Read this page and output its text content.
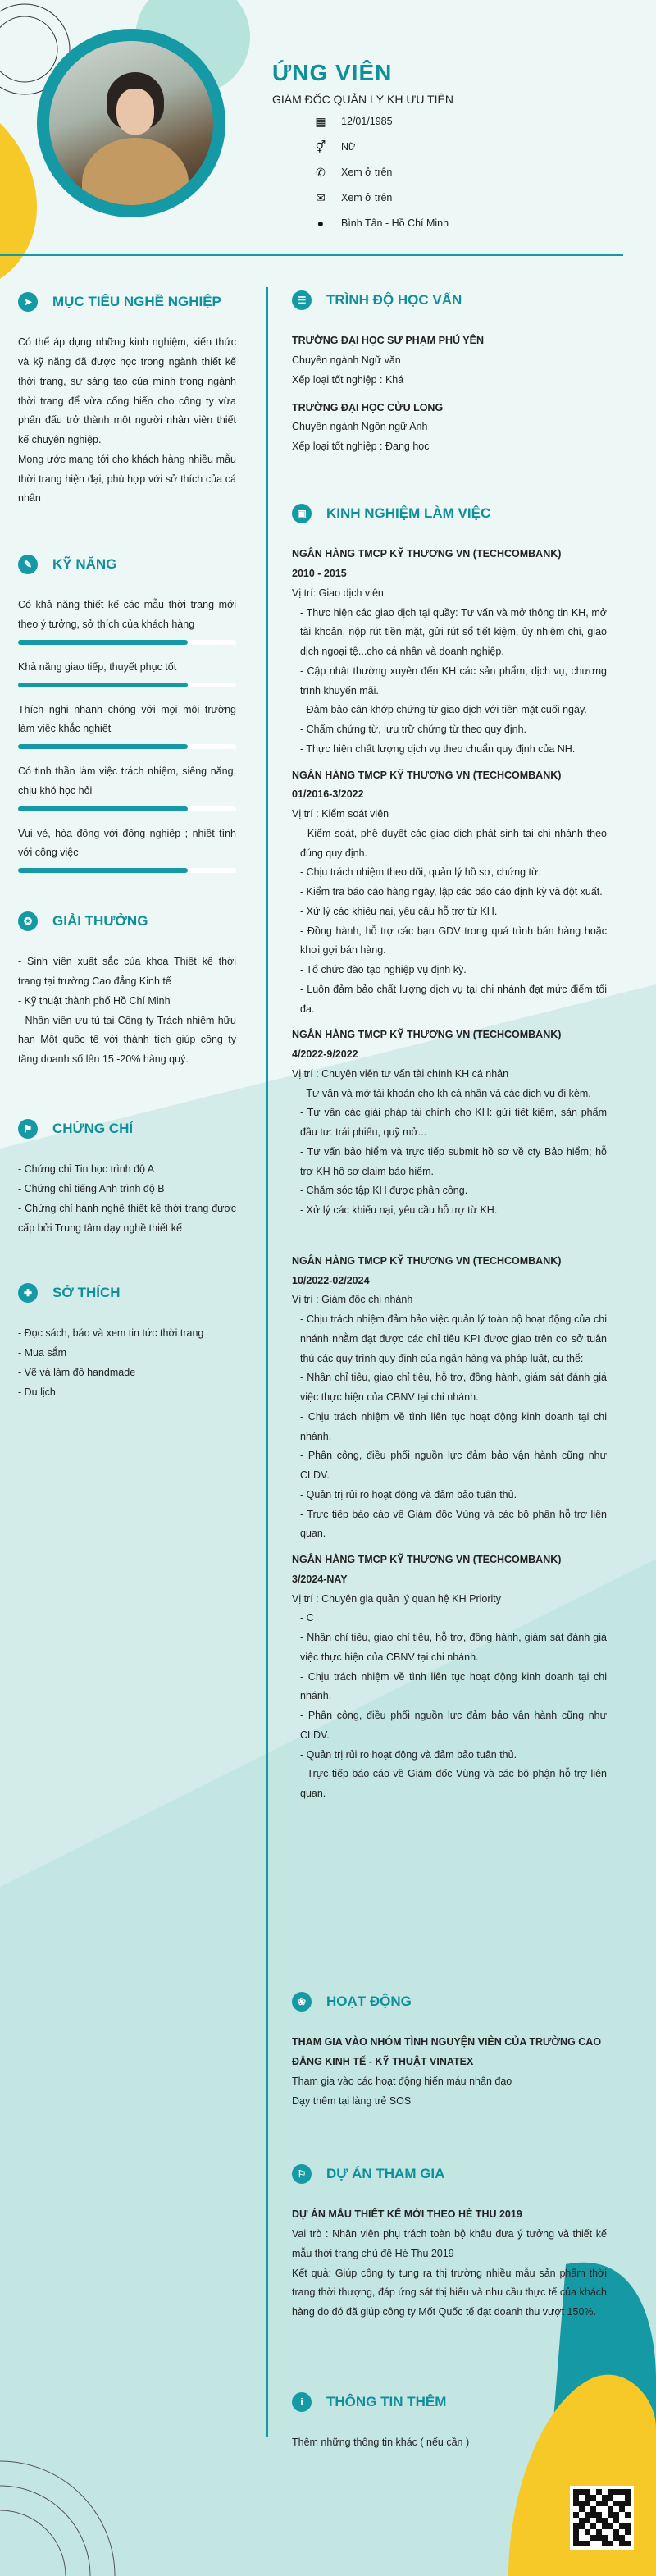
ỨNG VIÊN
GIÁM ĐỐC QUẢN LÝ KH ƯU TIÊN
▦	12/01/1985
⚥	Nữ
✆	Xem ở trên
✉	Xem ở trên
●	Bình Tân - Hồ Chí Minh
➤	MỤC TIÊU NGHỀ NGHIỆP
Có thể áp dụng những kinh nghiệm, kiến thức và kỹ năng đã được học trong ngành thiết kế thời trang, sự sáng tạo của mình trong ngành thời trang để vừa cống hiến cho công ty vừa phấn đấu trở thành một người nhân viên thiết kế chuyên nghiệp.
Mong ước mang tới cho khách hàng nhiều mẫu thời trang hiện đại, phù hợp với sở thích của cá nhân
✎	KỸ NĂNG
Có khả năng thiết kế các mẫu thời trang mới theo ý tưởng, sở thích của khách hàng
Khả năng giao tiếp, thuyết phục tốt
Thích nghi nhanh chóng với mọi môi trường làm việc khắc nghiệt
Có tinh thần làm việc trách nhiệm, siêng năng, chịu khó học hỏi
Vui vẻ, hòa đồng với đồng nghiệp ; nhiệt tình với công việc
✪	GIẢI THƯỞNG
- Sinh viên xuất sắc của khoa Thiết kế thời trang tại trường Cao đẳng Kinh tế
- Kỹ thuật thành phố Hồ Chí Minh
- Nhân viên ưu tú tại Công ty Trách nhiệm hữu hạn Một quốc tế với thành tích giúp công ty tăng doanh số lên 15 -20% hàng quý.
⚑	CHỨNG CHỈ
- Chứng chỉ Tin học trình độ A
- Chứng chỉ tiếng Anh trình độ B
- Chứng chỉ hành nghề thiết kế thời trang được cấp bởi Trung tâm dạy nghề thiết kế
✚	SỞ THÍCH
- Đọc sách, báo và xem tin tức thời trang
- Mua sắm
- Vẽ và làm đồ handmade
- Du lịch
☰	TRÌNH ĐỘ HỌC VẤN
TRƯỜNG ĐẠI HỌC SƯ PHẠM PHÚ YÊN
Chuyên ngành Ngữ văn
Xếp loại tốt nghiệp : Khá
TRƯỜNG ĐẠI HỌC CỬU LONG
Chuyên ngành Ngôn ngữ Anh
Xếp loại tốt nghiệp : Đang học
▣	KINH NGHIỆM LÀM VIỆC
NGÂN HÀNG TMCP KỸ THƯƠNG VN (TECHCOMBANK)
2010 - 2015
Vị trí: Giao dịch viên
- Thực hiện các giao dịch tại quầy: Tư vấn và mở thông tin KH, mở tài khoản, nộp rút tiền mặt, gửi rút sổ tiết kiệm, ủy nhiệm chi, giao dịch ngoại tệ...cho cá nhân và doanh nghiệp.
- Cập nhật thường xuyên đến KH các sản phẩm, dịch vụ, chương trình khuyến mãi.
- Đảm bảo cân khớp chứng từ giao dịch với tiền mặt cuối ngày.
- Chấm chứng từ, lưu trữ chứng từ theo quy định.
- Thực hiện chất lượng dịch vụ theo chuẩn quy định của NH.
NGÂN HÀNG TMCP KỸ THƯƠNG VN (TECHCOMBANK)
01/2016-3/2022
Vị trí : Kiểm soát viên
- Kiểm soát, phê duyệt các giao dịch phát sinh tại chi nhánh theo đúng quy định.
- Chịu trách nhiệm theo dõi, quản lý hồ sơ, chứng từ.
- Kiểm tra báo cáo hàng ngày, lập các báo cáo định kỳ và đột xuất.
- Xử lý các khiếu nại, yêu cầu hỗ trợ từ KH.
- Đồng hành, hỗ trợ các bạn GDV trong quá trình bán hàng hoặc khơi gợi bán hàng.
- Tổ chức đào tạo nghiệp vụ định kỳ.
- Luôn đảm bảo chất lượng dịch vụ tại chi nhánh đạt mức điểm tối đa.
NGÂN HÀNG TMCP KỸ THƯƠNG VN (TECHCOMBANK)
4/2022-9/2022
Vị trí : Chuyên viên tư vấn tài chính KH cá nhân
- Tư vấn và mở tài khoản cho kh cá nhân và các dịch vụ đi kèm.
- Tư vấn các giải pháp tài chính cho KH: gửi tiết kiệm, sản phẩm đầu tư: trái phiếu, quỹ mở...
- Tư vấn bảo hiểm và trực tiếp submit hồ sơ về cty Bảo hiểm; hỗ trợ KH hồ sơ claim bảo hiểm.
- Chăm sóc tập KH được phân công.
- Xử lý các khiếu nại, yêu cầu hỗ trợ từ KH.
NGÂN HÀNG TMCP KỸ THƯƠNG VN (TECHCOMBANK)
10/2022-02/2024
Vị trí : Giám đốc chi nhánh
- Chịu trách nhiệm đảm bảo việc quản lý toàn bộ hoạt động của chi nhánh nhằm đạt được các chỉ tiêu KPI được giao trên cơ sở tuân thủ các quy trình quy định của ngân hàng và pháp luật, cụ thể:
- Nhận chỉ tiêu, giao chỉ tiêu, hỗ trợ, đồng hành, giám sát đánh giá việc thực hiện của CBNV tại chi nhánh.
- Chịu trách nhiệm về tình liên tục hoạt động kinh doanh tại chi nhánh.
- Phân công, điều phối nguồn lực đảm bảo vận hành cũng như CLDV.
- Quản trị rủi ro hoạt động và đảm bảo tuân thủ.
- Trực tiếp báo cáo về Giám đốc Vùng và các bộ phận hỗ trợ liên quan.
NGÂN HÀNG TMCP KỸ THƯƠNG VN (TECHCOMBANK)
3/2024-NAY
Vị trí : Chuyên gia quản lý quan hệ KH Priority
- C
- Nhận chỉ tiêu, giao chỉ tiêu, hỗ trợ, đồng hành, giám sát đánh giá việc thực hiện của CBNV tại chi nhánh.
- Chịu trách nhiệm về tình liên tục hoạt động kinh doanh tại chi nhánh.
- Phân công, điều phối nguồn lực đảm bảo vận hành cũng như CLDV.
- Quản trị rủi ro hoạt động và đảm bảo tuân thủ.
- Trực tiếp báo cáo về Giám đốc Vùng và các bộ phận hỗ trợ liên quan.
❀	HOẠT ĐỘNG
THAM GIA VÀO NHÓM TÌNH NGUYỆN VIÊN CỦA TRƯỜNG CAO ĐẲNG KINH TẾ - KỸ THUẬT VINATEX
Tham gia vào các hoạt động hiến máu nhân đạo
Dạy thêm tại làng trẻ SOS
⚐	DỰ ÁN THAM GIA
DỰ ÁN MẪU THIẾT KẾ MỚI THEO HÈ THU 2019
Vai trò : Nhân viên phụ trách toàn bộ khâu đưa ý tưởng và thiết kế mẫu thời trang chủ đề Hè Thu 2019
Kết quả: Giúp công ty tung ra thị trường nhiều mẫu sản phẩm thời trang thời thượng, đáp ứng sát thị hiếu và nhu cầu thực tế của khách hàng do đó đã giúp công ty Mốt Quốc tế đạt doanh thu vượt 150%.
i	THÔNG TIN THÊM
Thêm những thông tin khác ( nếu cần )
